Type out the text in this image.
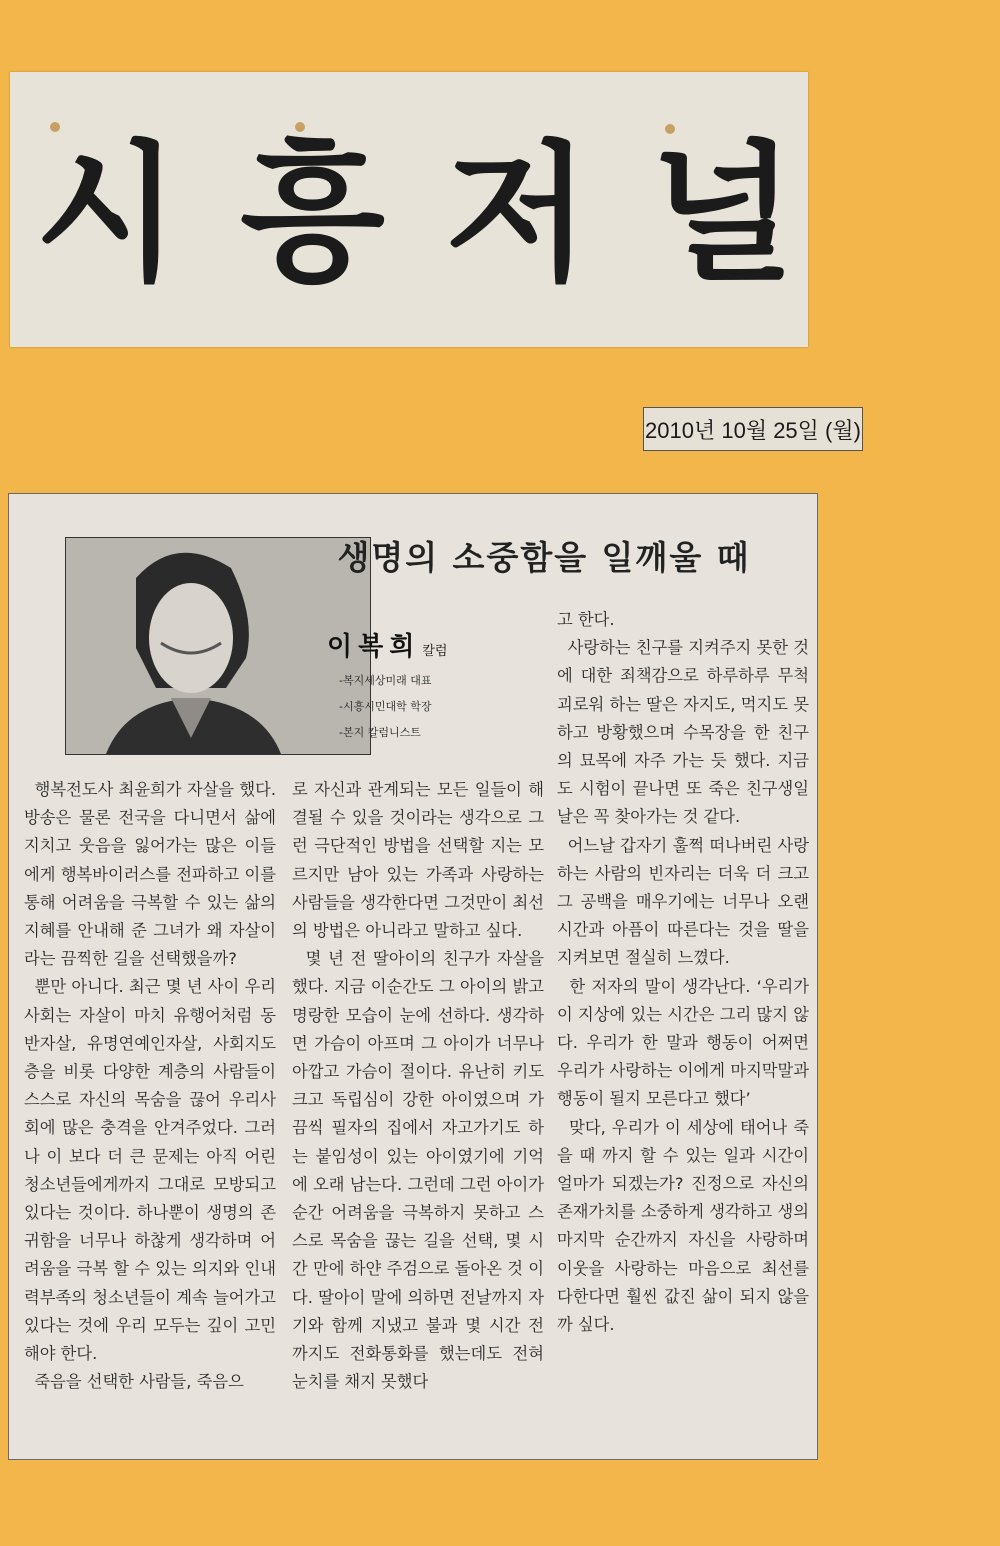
시 흥 저 널
2010년 10월 25일 (월)
생명의 소중함을 일깨울 때
이복희 칼럼
-복지세상미래 대표
-시흥시민대학 학장
-본지 칼럼니스트

행복전도사 최윤희가 자살을 했다. 방송은 물론 전국을 다니면서 삶에 지치고 웃음을 잃어가는 많은 이들에게 행복바이러스를 전파하고 이를 통해 어려움을 극복할 수 있는 삶의 지혜를 안내해 준 그녀가 왜 자살이라는 끔찍한 길을 선택했을까?
뿐만 아니다. 최근 몇 년 사이 우리사회는 자살이 마치 유행어처럼 동반자살, 유명연예인자살, 사회지도층을 비롯 다양한 계층의 사람들이 스스로 자신의 목숨을 끊어 우리사회에 많은 충격을 안겨주었다. 그러나 이 보다 더 큰 문제는 아직 어린 청소년들에게까지 그대로 모방되고 있다는 것이다. 하나뿐이 생명의 존귀함을 너무나 하찮게 생각하며 어려움을 극복 할 수 있는 의지와 인내력부족의 청소년들이 계속 늘어가고 있다는 것에 우리 모두는 깊이 고민해야 한다.
죽음을 선택한 사람들, 죽음으

로 자신과 관계되는 모든 일들이 해결될 수 있을 것이라는 생각으로 그런 극단적인 방법을 선택할 지는 모르지만 남아 있는 가족과 사랑하는 사람들을 생각한다면 그것만이 최선의 방법은 아니라고 말하고 싶다.
몇 년 전 딸아이의 친구가 자살을 했다. 지금 이순간도 그 아이의 밝고 명랑한 모습이 눈에 선하다. 생각하면 가슴이 아프며 그 아이가 너무나 아깝고 가슴이 절이다. 유난히 키도 크고 독립심이 강한 아이였으며 가끔씩 필자의 집에서 자고가기도 하는 붙임성이 있는 아이였기에 기억에 오래 남는다. 그런데 그런 아이가 순간 어려움을 극복하지 못하고 스스로 목숨을 끊는 길을 선택, 몇 시간 만에 하얀 주검으로 돌아온 것 이다. 딸아이 말에 의하면 전날까지 자기와 함께 지냈고 불과 몇 시간 전 까지도 전화통화를 했는데도 전혀 눈치를 채지 못했다

고 한다.
사랑하는 친구를 지켜주지 못한 것에 대한 죄책감으로 하루하루 무척 괴로워 하는 딸은 자지도, 먹지도 못하고 방황했으며 수목장을 한 친구의 묘목에 자주 가는 듯 했다. 지금도 시험이 끝나면 또 죽은 친구생일날은 꼭 찾아가는 것 같다.
어느날 갑자기 훌쩍 떠나버린 사랑하는 사람의 빈자리는 더욱 더 크고 그 공백을 매우기에는 너무나 오랜 시간과 아픔이 따른다는 것을 딸을 지켜보면 절실히 느꼈다.
한 저자의 말이 생각난다. ‘우리가 이 지상에 있는 시간은 그리 많지 않다. 우리가 한 말과 행동이 어쩌면 우리가 사랑하는 이에게 마지막말과 행동이 될지 모른다고 했다’
맞다, 우리가 이 세상에 태어나 죽을 때 까지 할 수 있는 일과 시간이 얼마가 되겠는가? 진정으로 자신의 존재가치를 소중하게 생각하고 생의 마지막 순간까지 자신을 사랑하며 이웃을 사랑하는 마음으로 최선를 다한다면 훨씬 값진 삶이 되지 않을까 싶다.
